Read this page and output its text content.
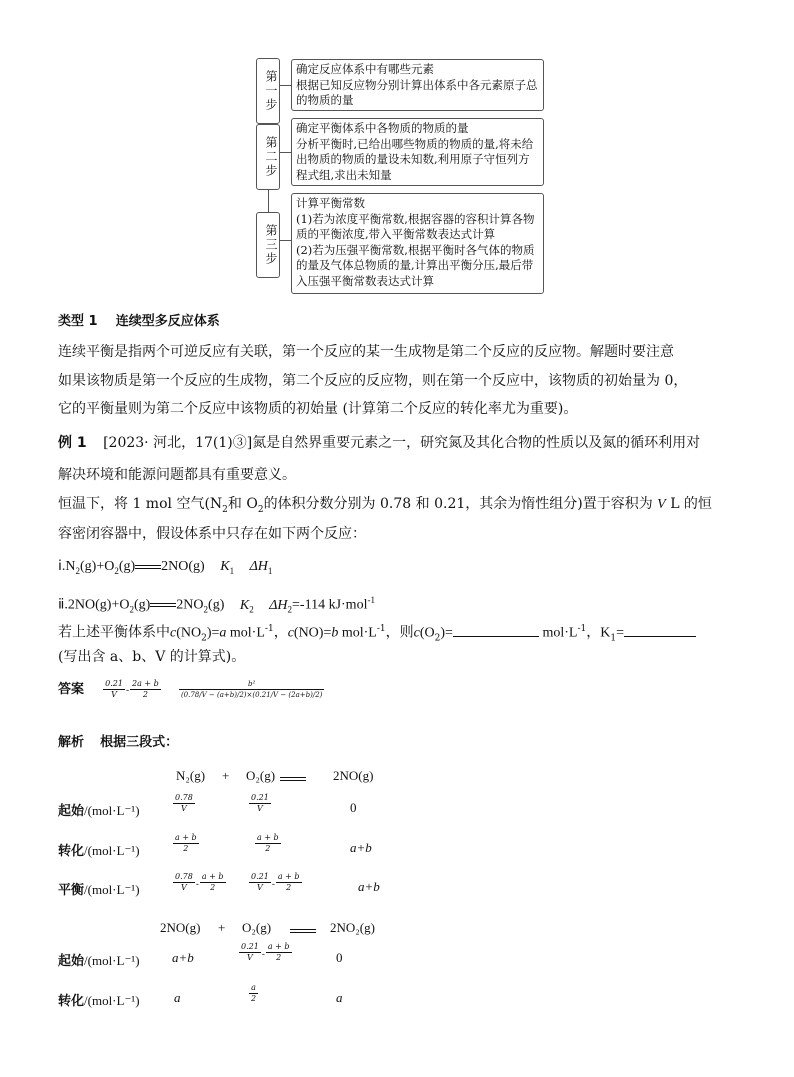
第一步
确定反应体系中有哪些元素
根据已知反应物分别计算出体系中各元素原子总的物质的量
第二步
确定平衡体系中各物质的物质的量
分析平衡时,已给出哪些物质的物质的量,将未给出物质的物质的量设未知数,利用原子守恒列方程式组,求出未知量
第三步
计算平衡常数
(1)若为浓度平衡常数,根据容器的容积计算各物质的平衡浓度,带入平衡常数表达式计算
(2)若为压强平衡常数,根据平衡时各气体的物质的量及气体总物质的量,计算出平衡分压,最后带入压强平衡常数表达式计算
类型 1 连续型多反应体系
连续平衡是指两个可逆反应有关联，第一个反应的某一生成物是第二个反应的反应物。解题时要注意
如果该物质是第一个反应的生成物，第二个反应的反应物，则在第一个反应中，该物质的初始量为 0，
它的平衡量则为第二个反应中该物质的初始量 (计算第二个反应的转化率尤为重要)。
例 1 [2023· 河北，17(1)③]氮是自然界重要元素之一，研究氮及其化合物的性质以及氮的循环利用对
解决环境和能源问题都具有重要意义。
恒温下，将 1 mol 空气($N_2$和 $O_2$的体积分数分别为 0.78 和 0.21，其余为惰性组分)置于容积为 V L 的恒
容密闭容器中，假设体系中只存在如下两个反应：
$ⅰ.N_2(g)+O_2(g)$ 2NO(g) $K_1$ $\Delta H_1$
$ⅱ.2NO(g)+O_2(g)$ $2NO_2(g)$ $K_2$ $\Delta H_2=-114$ kJ·mol$^{-1}$
若上述平衡体系中$c(NO_2)=a$ $mol\cdot L^{-1}$，c(NO)=b $mol\cdot L^{-1}$，则$c(O_2)=$	$mol\cdot L^{-1}$，$K_1=$
(写出含 a、b、V 的计算式)。
答案 $\frac{0.21}{V} - \frac{2a + b}{2}$
	$\frac{\text{b²}}{(0.78/V - (a+b)/2)\times(0.21/V - (2a+b)/2)}$
解析 根据三段式：
N₂(g) + O₂(g)	2NO(g)
起始/(mol·L⁻¹)	$\frac{0.78}{V}$	$\frac{0.21}{V}$	0
转化/(mol·L⁻¹)	$\frac{a + b}{2}$	$\frac{a + b}{2}$	a+b
平衡/(mol·L⁻¹)	$\frac{0.78}{V} - \frac{a + b}{2}$	$\frac{0.21}{V} - \frac{a + b}{2}$	a+b
2NO(g) + O₂(g)	2NO₂(g)
起始/(mol·L⁻¹) a+b	$\frac{0.21}{V} - \frac{a + b}{2}$	0
转化/(mol·L⁻¹)	a	$\frac{a}{2}$	a
